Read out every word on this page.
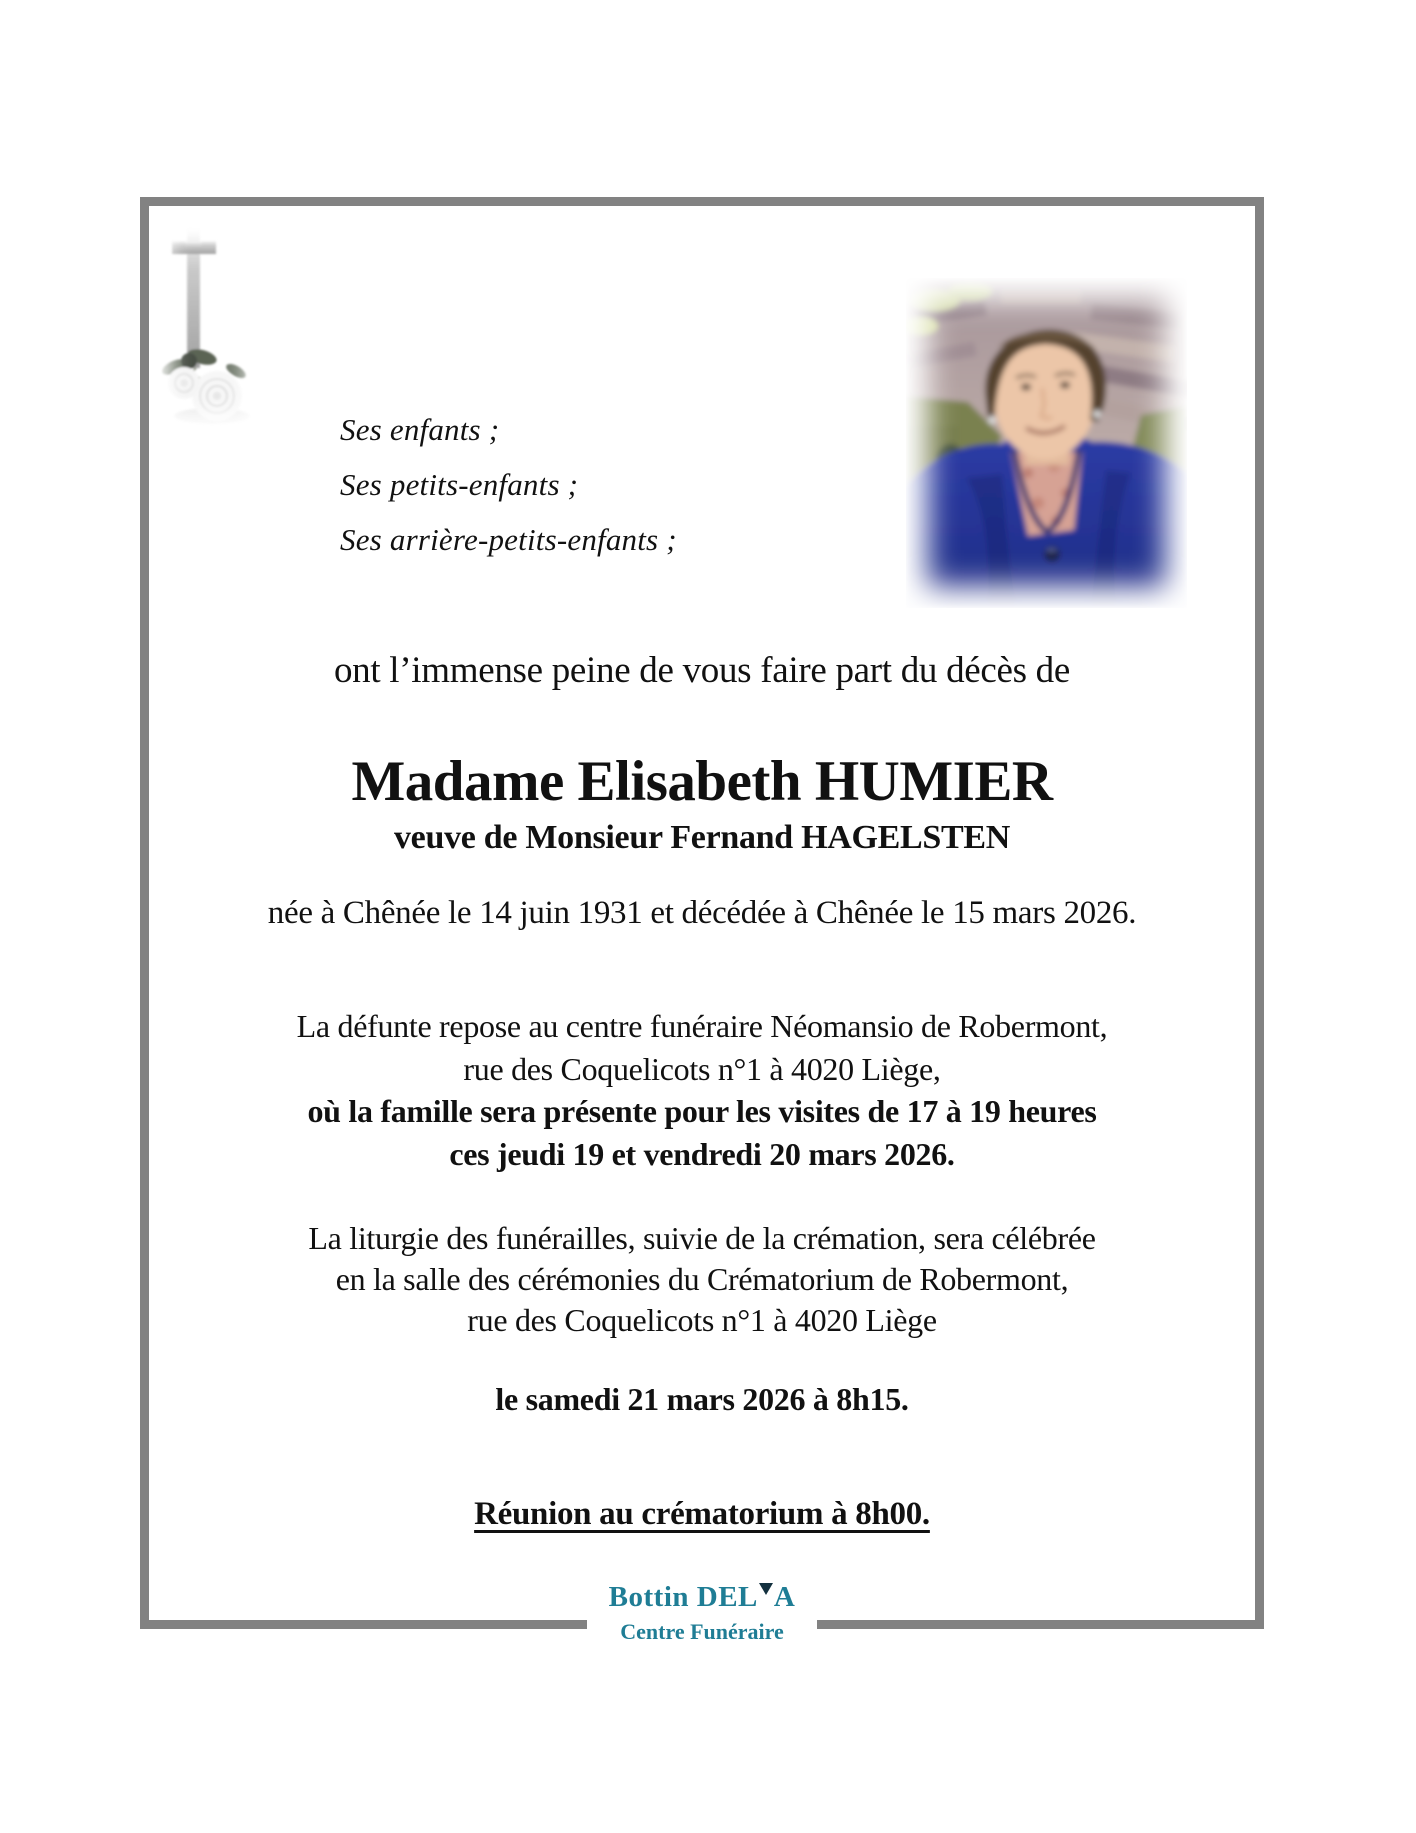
Ses enfants ;
Ses petits-enfants ;
Ses arrière-petits-enfants ;
ont l’immense peine de vous faire part du décès de
Madame Elisabeth HUMIER
veuve de Monsieur Fernand HAGELSTEN
née à Chênée le 14 juin 1931 et décédée à Chênée le 15 mars 2026.
La défunte repose au centre funéraire Néomansio de Robermont,
rue des Coquelicots n°1 à 4020 Liège,
où la famille sera présente pour les visites de 17 à 19 heures
ces jeudi 19 et vendredi 20 mars 2026.
La liturgie des funérailles, suivie de la crémation, sera célébrée
en la salle des cérémonies du Crématorium de Robermont,
rue des Coquelicots n°1 à 4020 Liège
le samedi 21 mars 2026 à 8h15.
Réunion au crématorium à 8h00.
Bottin DEL A
Centre Funéraire
